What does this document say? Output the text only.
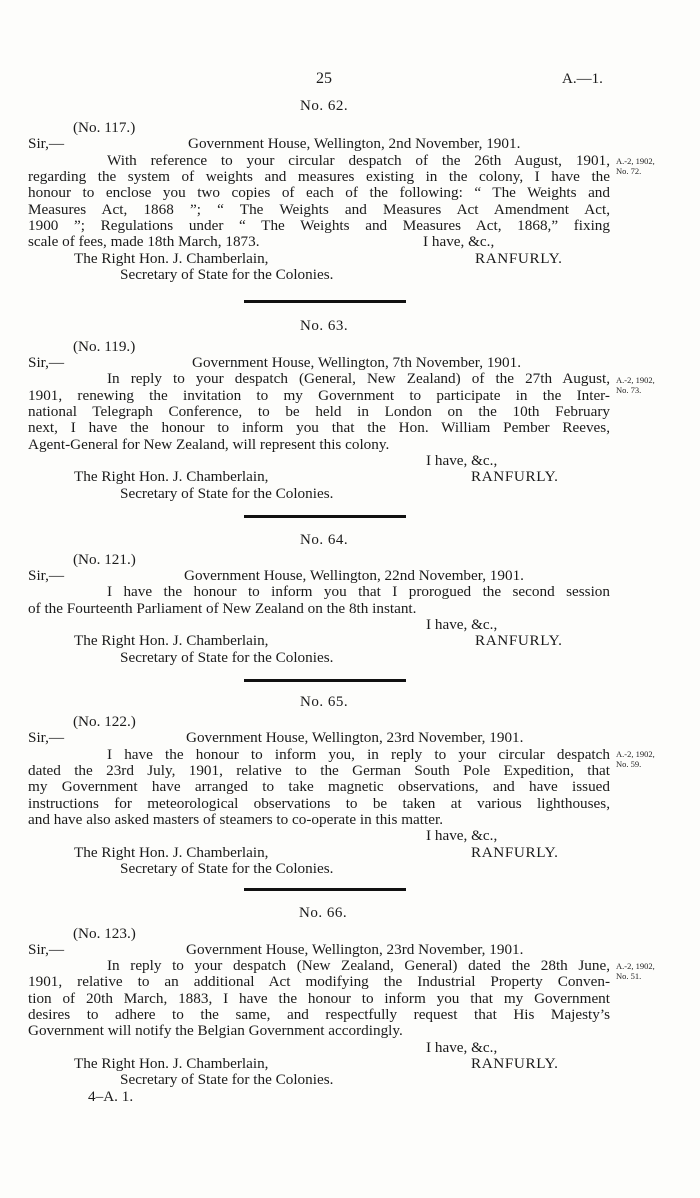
25	A.—1.
No. 62.
(No. 117.)
Sir,—	Government House, Wellington, 2nd November, 1901.
With reference to your circular despatch of the 26th August, 1901,
regarding the system of weights and measures existing in the colony, I have the
honour to enclose you two copies of each of the following: “ The Weights and
Measures Act, 1868 ”; “ The Weights and Measures Act Amendment Act,
1900 ”; Regulations under “ The Weights and Measures Act, 1868,” fixing
scale of fees, made 18th March, 1873.	I have, &c.,
The Right Hon. J. Chamberlain,	RANFURLY.
Secretary of State for the Colonies.
A.-2, 1902,
No. 72.
No. 63.
(No. 119.)
Sir,—	Government House, Wellington, 7th November, 1901.
In reply to your despatch (General, New Zealand) of the 27th August,
1901, renewing the invitation to my Government to participate in the Inter-
national Telegraph Conference, to be held in London on the 10th February
next, I have the honour to inform you that the Hon. William Pember Reeves,
Agent-General for New Zealand, will represent this colony.
I have, &c.,
The Right Hon. J. Chamberlain,	RANFURLY.
Secretary of State for the Colonies.
A.-2, 1902,
No. 73.
No. 64.
(No. 121.)
Sir,—	Government House, Wellington, 22nd November, 1901.
I have the honour to inform you that I prorogued the second session
of the Fourteenth Parliament of New Zealand on the 8th instant.
I have, &c.,
The Right Hon. J. Chamberlain,	RANFURLY.
Secretary of State for the Colonies.
No. 65.
(No. 122.)
Sir,—	Government House, Wellington, 23rd November, 1901.
I have the honour to inform you, in reply to your circular despatch
dated the 23rd July, 1901, relative to the German South Pole Expedition, that
my Government have arranged to take magnetic observations, and have issued
instructions for meteorological observations to be taken at various lighthouses,
and have also asked masters of steamers to co-operate in this matter.
I have, &c.,
The Right Hon. J. Chamberlain,	RANFURLY.
Secretary of State for the Colonies.
A.-2, 1902,
No. 59.
No. 66.
(No. 123.)
Sir,—	Government House, Wellington, 23rd November, 1901.
In reply to your despatch (New Zealand, General) dated the 28th June,
1901, relative to an additional Act modifying the Industrial Property Conven-
tion of 20th March, 1883, I have the honour to inform you that my Government
desires to adhere to the same, and respectfully request that His Majesty’s
Government will notify the Belgian Government accordingly.
I have, &c.,
The Right Hon. J. Chamberlain,	RANFURLY.
Secretary of State for the Colonies.
A.-2, 1902,
No. 51.
4–A. 1.
